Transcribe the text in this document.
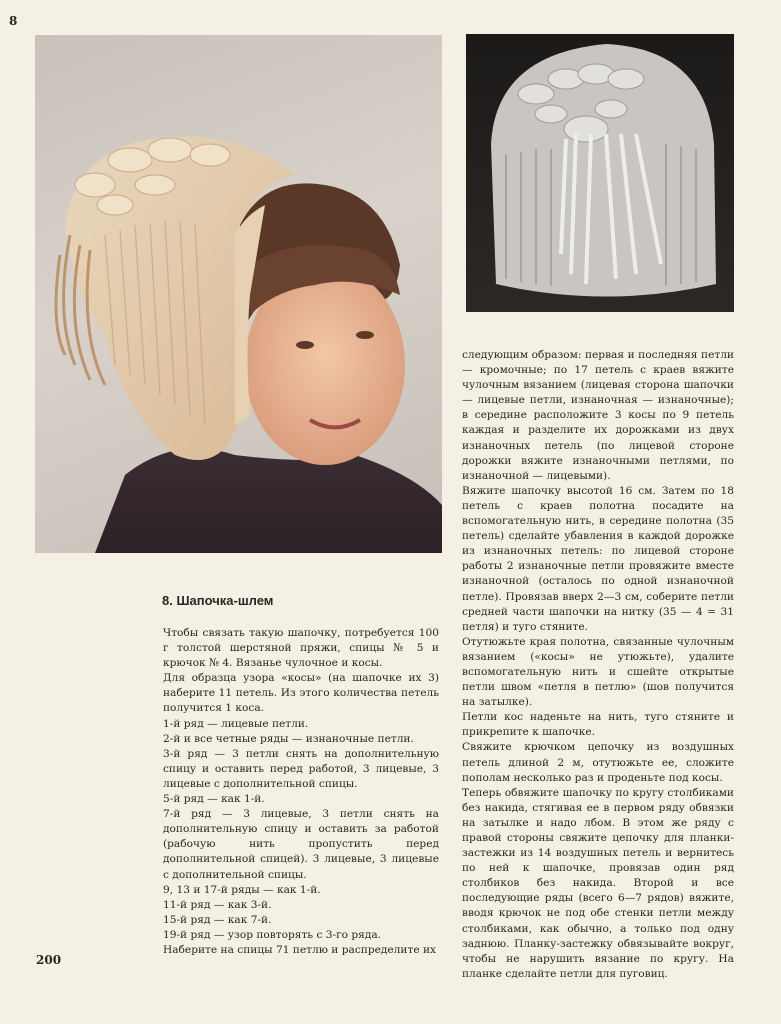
8
8. Шапочка-шлем

Чтобы связать такую шапочку, потребуется 100 г толстой шерстяной пряжи, спицы № 5 и крючок № 4. Вязанье чулочное и косы.

Для образца узора «косы» (на шапочке их 3) наберите 11 петель. Из этого количества петель получится 1 коса.

1-й ряд — лицевые петли.

2-й и все четные ряды — изнаночные петли.

3-й ряд — 3 петли снять на дополнительную спицу и оставить перед работой, 3 лицевые, 3 лицевые с дополнительной спицы.

5-й ряд — как 1-й.

7-й ряд — 3 лицевые, 3 петли снять на дополнительную спицу и оставить за работой (рабочую нить пропустить перед дополнительной спицей). 3 лицевые, 3 лицевые с дополнительной спицы.

9, 13 и 17-й ряды — как 1-й.

11-й ряд — как 3-й.

15-й ряд — как 7-й.

19-й ряд — узор повторять с 3-го ряда.

Наберите на спицы 71 петлю и распределите их

следующим образом: первая и последняя петли — кромочные; по 17 петель с краев вяжите чулочным вязанием (лицевая сторона шапочки — лицевые петли, изнаночная — изнаночные); в середине расположите 3 косы по 9 петель каждая и разделите их дорожками из двух изнаночных петель (по лицевой стороне дорожки вяжите изнаночными петлями, по изнаночной — лицевыми).

Вяжите шапочку высотой 16 см. Затем по 18 петель с краев полотна посадите на вспомогательную нить, в середине полотна (35 петель) сделайте убавления в каждой дорожке из изнаночных петель: по лицевой стороне работы 2 изнаночные петли провяжите вместе изнаночной (осталось по одной изнаночной петле). Провязав вверх 2—3 см, соберите петли средней части шапочки на нитку (35 — 4 = 31 петля) и туго стяните.

Отутюжьте края полотна, связанные чулочным вязанием («косы» не утюжьте), удалите вспомогательную нить и сшейте открытые петли швом «петля в петлю» (шов получится на затылке).

Петли кос наденьте на нить, туго стяните и прикрепите к шапочке.

Свяжите крючком цепочку из воздушных петель длиной 2 м, отутюжьте ее, сложите пополам несколько раз и проденьте под косы.

Теперь обвяжите шапочку по кругу столбиками без накида, стягивая ее в первом ряду обвязки на затылке и надо лбом. В этом же ряду с правой стороны свяжите цепочку для планки-застежки из 14 воздушных петель и вернитесь по ней к шапочке, провязав один ряд столбиков без накида. Второй и все последующие ряды (всего 6—7 рядов) вяжите, вводя крючок не под обе стенки петли между столбиками, как обычно, а только под одну заднюю. Планку-застежку обвязывайте вокруг, чтобы не нарушить вязание по кругу. На планке сделайте петли для пуговиц.

200
